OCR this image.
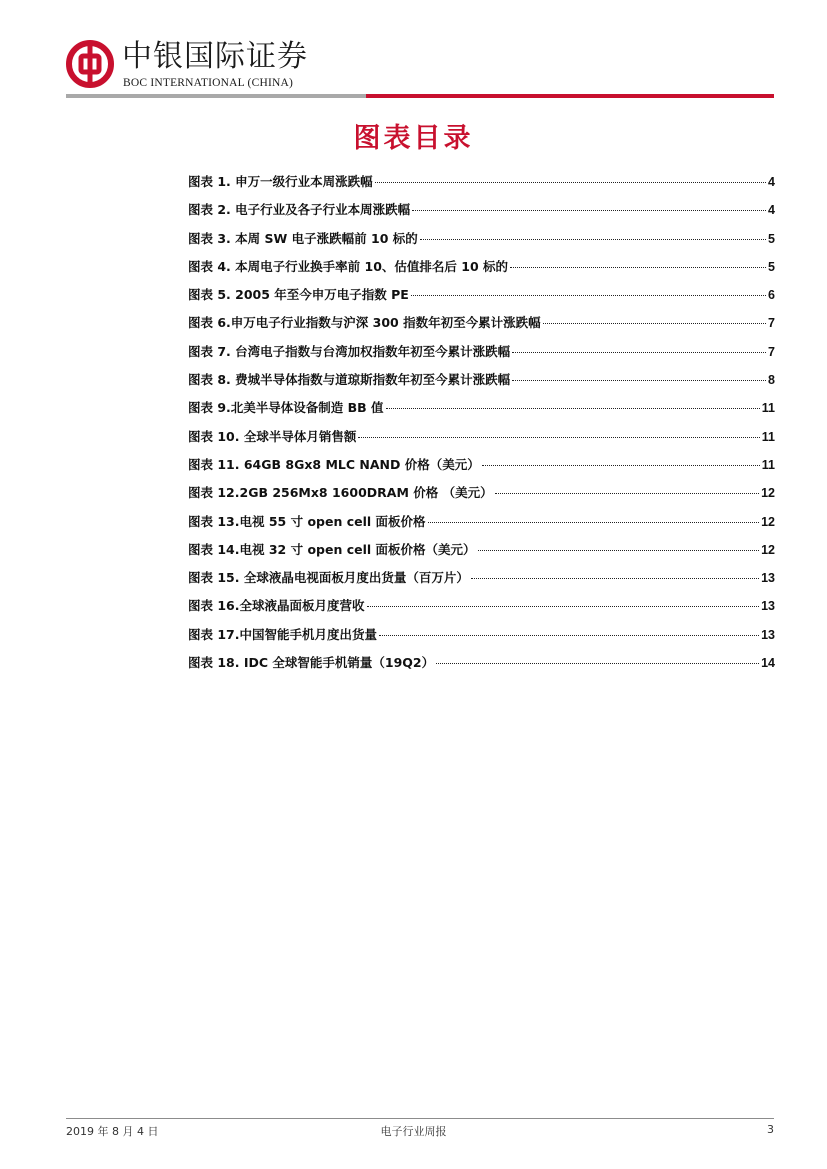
中银国际证券
BOC INTERNATIONAL (CHINA)
图表目录
图表 1. 申万一级行业本周涨跌幅	4
图表 2. 电子行业及各子行业本周涨跌幅	4
图表 3. 本周 SW 电子涨跌幅前 10 标的	5
图表 4. 本周电子行业换手率前 10、估值排名后 10 标的	5
图表 5. 2005 年至今申万电子指数 PE	6
图表 6.申万电子行业指数与沪深 300 指数年初至今累计涨跌幅	7
图表 7. 台湾电子指数与台湾加权指数年初至今累计涨跌幅	7
图表 8. 费城半导体指数与道琼斯指数年初至今累计涨跌幅	8
图表 9.北美半导体设备制造 BB 值	11
图表 10. 全球半导体月销售额	11
图表 11. 64GB 8Gx8 MLC NAND 价格（美元）	11
图表 12.2GB 256Mx8 1600DRAM 价格 （美元）	12
图表 13.电视 55 寸 open cell 面板价格	12
图表 14.电视 32 寸 open cell 面板价格（美元）	12
图表 15. 全球液晶电视面板月度出货量（百万片）	13
图表 16.全球液晶面板月度营收	13
图表 17.中国智能手机月度出货量	13
图表 18. IDC 全球智能手机销量（19Q2）	14
2019 年 8 月 4 日	电子行业周报	3
